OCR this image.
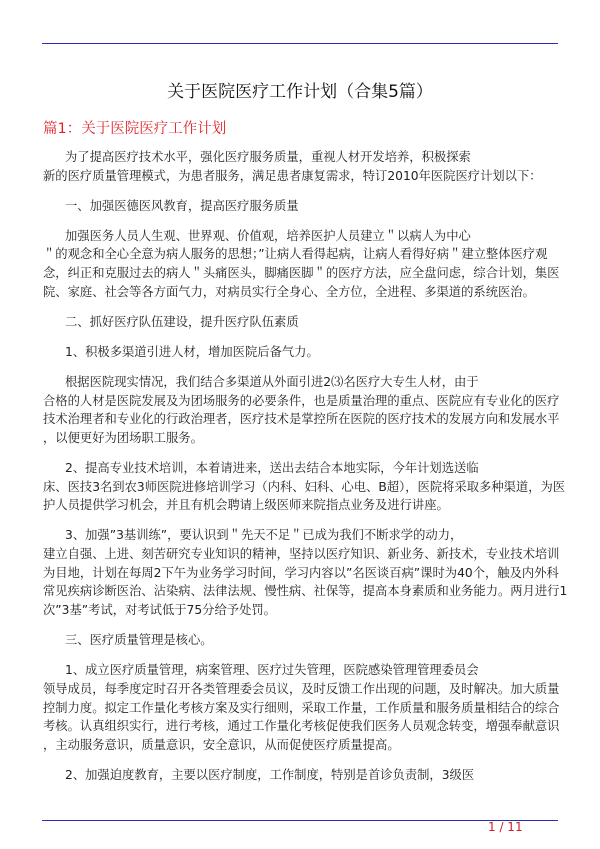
关于医院医疗工作计划（合集5篇）
篇1：关于医院医疗工作计划
为了提高医疗技术水平，强化医疗服务质量，重视人材开发培养，积极探索
新的医疗质量管理模式，为患者服务，满足患者康复需求，特订2010年医院医疗计划以下：
一、加强医德医风教育，提高医疗服务质量
加强医务人员人生观、世界观、价值观，培养医护人员建立＂以病人为中心
＂的观念和全心全意为病人服务的思想；”让病人看得起病，让病人看得好病＂建立整体医疗观
念，纠正和克服过去的病人＂头痛医头，脚痛医脚＂的医疗方法，应全盘问虑，综合计划，集医
院、家庭、社会等各方面气力，对病员实行全身心、全方位，全进程、多渠道的系统医治。
二、抓好医疗队伍建设，提升医疗队伍素质
1、积极多渠道引进人材，增加医院后备气力。
根据医院现实情况，我们结合多渠道从外面引进2⑶名医疗大专生人材，由于
合格的人材是医院发展及为团场服务的必要条件，也是质量治理的重点、医院应有专业化的医疗
技术治理者和专业化的行政治理者，医疗技术是掌控所在医院的医疗技术的发展方向和发展水平
，以便更好为团场职工服务。
2、提高专业技术培训，本着请进来，送出去结合本地实际，今年计划选送临
床、医技3名到农3师医院进修培训学习（内科、妇科、心电、B超），医院将采取多种渠道，为医
护人员提供学习机会，并且有机会聘请上级医师来院指点业务及进行讲座。
3、加强”3基训练”，要认识到＂先天不足＂已成为我们不断求学的动力，
建立自强、上进、刻苦研究专业知识的精神，坚持以医疗知识、新业务、新技术，专业技术培训
为目地，计划在每周2下午为业务学习时间，学习内容以”名医谈百病”课时为40个，触及内外科
常见疾病诊断医治、沾染病、法律法规、慢性病、社保等，提高本身素质和业务能力。两月进行1
次”3基”考试，对考试低于75分给予处罚。
三、医疗质量管理是核心。
1、成立医疗质量管理，病案管理、医疗过失管理，医院感染管理管理委员会
领导成员，每季度定时召开各类管理委会员议，及时反馈工作出现的问题，及时解决。加大质量
控制力度。拟定工作量化考核方案及实行细则，采取工作量，工作质量和服务质量相结合的综合
考核。认真组织实行，进行考核，通过工作量化考核促使我们医务人员观念转变，增强奉献意识
，主动服务意识，质量意识，安全意识，从而促使医疗质量提高。
2、加强迫度教育，主要以医疗制度，工作制度，特别是首诊负责制，3级医
1 / 11
